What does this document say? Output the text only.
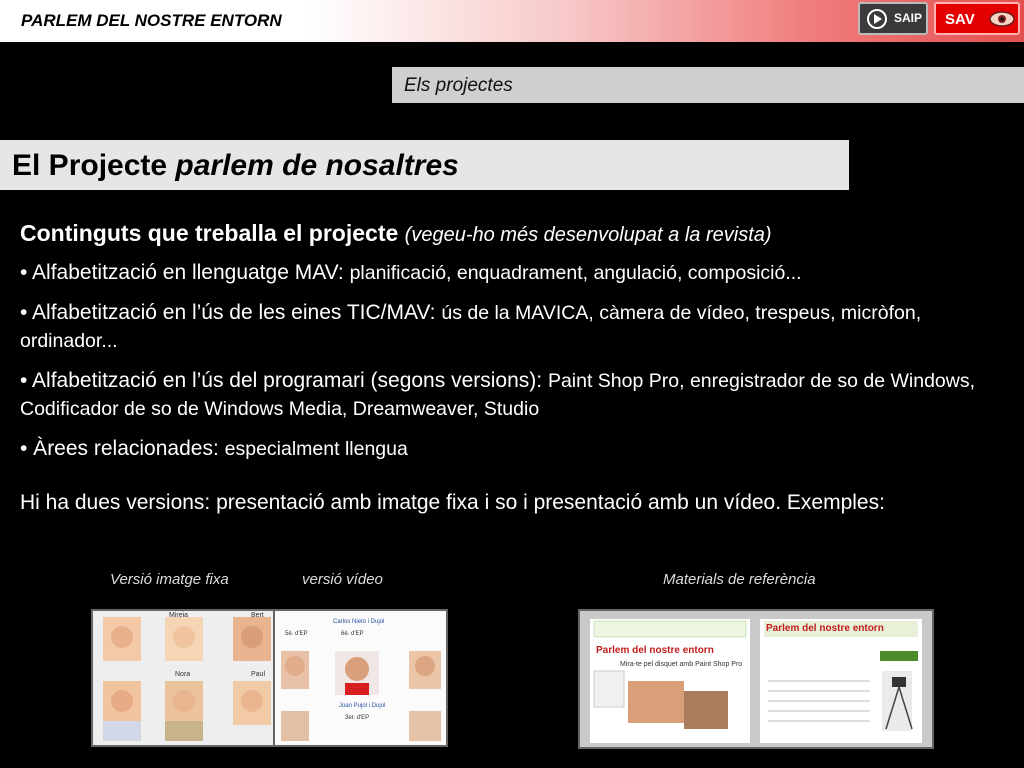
PARLEM DEL NOSTRE ENTORN	SAIP SAV
Els projectes
El Projecte parlem de nosaltres
Continguts que treballa el projecte (vegeu-ho més desenvolupat a la revista)
• Alfabetització en llenguatge MAV: planificació, enquadrament, angulació, composició...
• Alfabetització en l’ús de les eines TIC/MAV: ús de la MAVICA, càmera de vídeo, trespeus, micròfon, ordinador...
• Alfabetització en l’ús del programari (segons versions): Paint Shop Pro, enregistrador de so de Windows, Codificador de so de Windows Media, Dreamweaver, Studio
• Àrees relacionades: especialment llengua
Hi ha dues versions: presentació amb imatge fixa i so i presentació amb un vídeo. Exemples:
Versió imatge fixa	versió vídeo	Materials de referència
Mireia	Bert
Nora	Paul
Carlos Nieto i Dujol
6è. d'EP
Joan Pujol i Dujol
5è. d'EP
3er. d'EP
Parlem del nostre entorn
Parlem del nostre entorn
Mira-te pel disquet amb Paint Shop Pro
